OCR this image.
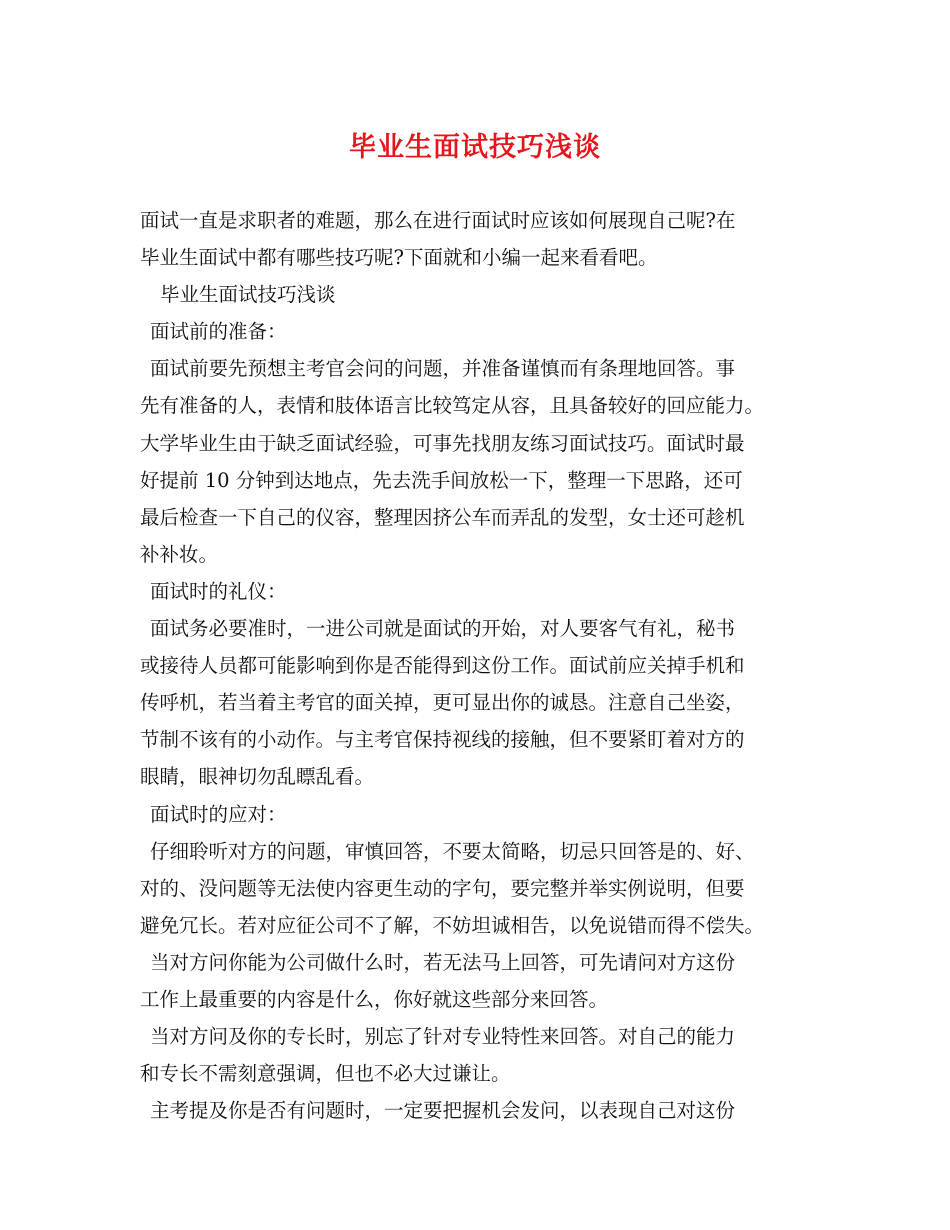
毕业生面试技巧浅谈
面试一直是求职者的难题，那么在进行面试时应该如何展现自己呢?在
毕业生面试中都有哪些技巧呢?下面就和小编一起来看看吧。
毕业生面试技巧浅谈
面试前的准备：
面试前要先预想主考官会问的问题，并准备谨慎而有条理地回答。事
先有准备的人，表情和肢体语言比较笃定从容，且具备较好的回应能力。
大学毕业生由于缺乏面试经验，可事先找朋友练习面试技巧。面试时最
好提前 10 分钟到达地点，先去洗手间放松一下，整理一下思路，还可
最后检查一下自己的仪容，整理因挤公车而弄乱的发型，女士还可趁机
补补妆。
面试时的礼仪：
面试务必要准时，一进公司就是面试的开始，对人要客气有礼，秘书
或接待人员都可能影响到你是否能得到这份工作。面试前应关掉手机和
传呼机，若当着主考官的面关掉，更可显出你的诚恳。注意自己坐姿，
节制不该有的小动作。与主考官保持视线的接触，但不要紧盯着对方的
眼睛，眼神切勿乱瞟乱看。
面试时的应对：
仔细聆听对方的问题，审慎回答，不要太简略，切忌只回答是的、好、
对的、没问题等无法使内容更生动的字句，要完整并举实例说明，但要
避免冗长。若对应征公司不了解，不妨坦诚相告，以免说错而得不偿失。
当对方问你能为公司做什么时，若无法马上回答，可先请问对方这份
工作上最重要的内容是什么，你好就这些部分来回答。
当对方问及你的专长时，别忘了针对专业特性来回答。对自己的能力
和专长不需刻意强调，但也不必大过谦让。
主考提及你是否有问题时，一定要把握机会发问，以表现自己对这份
